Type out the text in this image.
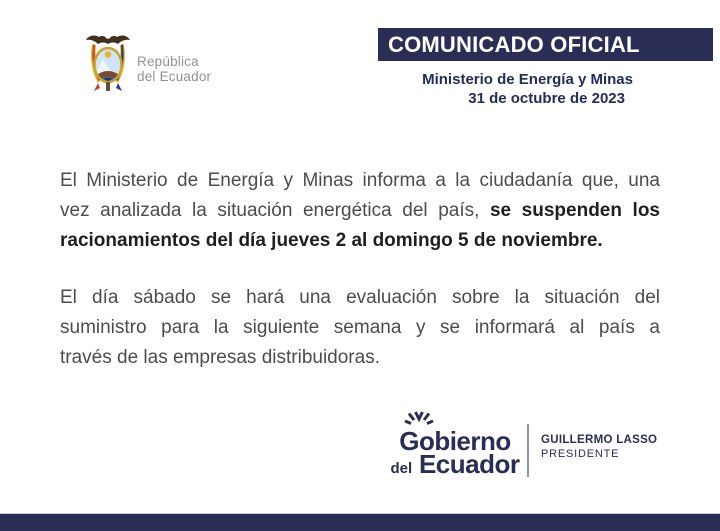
República
del Ecuador
COMUNICADO OFICIAL
Ministerio de Energía y Minas
31 de octubre de 2023
El Ministerio de Energía y Minas informa a la ciudadanía que, una
vez analizada la situación energética del país, se suspenden los
racionamientos del día jueves 2 al domingo 5 de noviembre.
El día sábado se hará una evaluación sobre la situación del
suministro para la siguiente semana y se informará al país a
través de las empresas distribuidoras.
Gobierno
del Ecuador
GUILLERMO LASSO
PRESIDENTE
